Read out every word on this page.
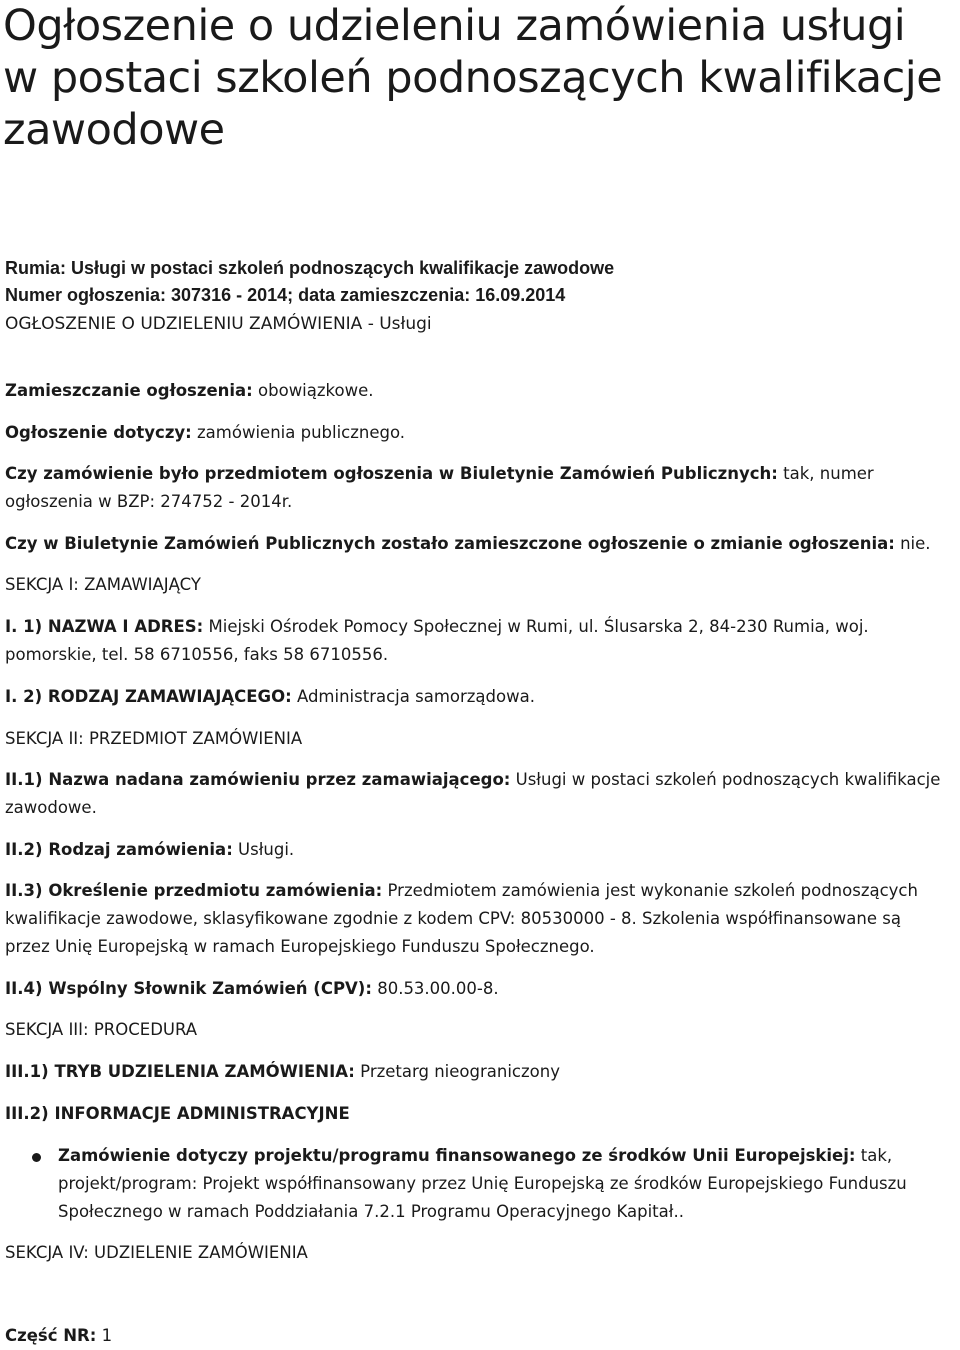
Ogłoszenie o udzieleniu zamówienia usługi w postaci szkoleń podnoszących kwalifikacje zawodowe
Rumia: Usługi w postaci szkoleń podnoszących kwalifikacje zawodowe
Numer ogłoszenia: 307316 - 2014; data zamieszczenia: 16.09.2014
OGŁOSZENIE O UDZIELENIU ZAMÓWIENIA - Usługi

Zamieszczanie ogłoszenia: obowiązkowe.

Ogłoszenie dotyczy: zamówienia publicznego.

Czy zamówienie było przedmiotem ogłoszenia w Biuletynie Zamówień Publicznych: tak, numer ogłoszenia w BZP: 274752 - 2014r.

Czy w Biuletynie Zamówień Publicznych zostało zamieszczone ogłoszenie o zmianie ogłoszenia: nie.

SEKCJA I: ZAMAWIAJĄCY

I. 1) NAZWA I ADRES: Miejski Ośrodek Pomocy Społecznej w Rumi, ul. Ślusarska 2, 84-230 Rumia, woj. pomorskie, tel. 58 6710556, faks 58 6710556.

I. 2) RODZAJ ZAMAWIAJĄCEGO: Administracja samorządowa.

SEKCJA II: PRZEDMIOT ZAMÓWIENIA

II.1) Nazwa nadana zamówieniu przez zamawiającego: Usługi w postaci szkoleń podnoszących kwalifikacje zawodowe.

II.2) Rodzaj zamówienia: Usługi.

II.3) Określenie przedmiotu zamówienia: Przedmiotem zamówienia jest wykonanie szkoleń podnoszących kwalifikacje zawodowe, sklasyfikowane zgodnie z kodem CPV: 80530000 - 8. Szkolenia współfinansowane są przez Unię Europejską w ramach Europejskiego Funduszu Społecznego.

II.4) Wspólny Słownik Zamówień (CPV): 80.53.00.00-8.

SEKCJA III: PROCEDURA

III.1) TRYB UDZIELENIA ZAMÓWIENIA: Przetarg nieograniczony

III.2) INFORMACJE ADMINISTRACYJNE

Zamówienie dotyczy projektu/programu finansowanego ze środków Unii Europejskiej: tak, projekt/program: Projekt współfinansowany przez Unię Europejską ze środków Europejskiego Funduszu Społecznego w ramach Poddziałania 7.2.1 Programu Operacyjnego Kapitał..

SEKCJA IV: UDZIELENIE ZAMÓWIENIA

Część NR: 1
